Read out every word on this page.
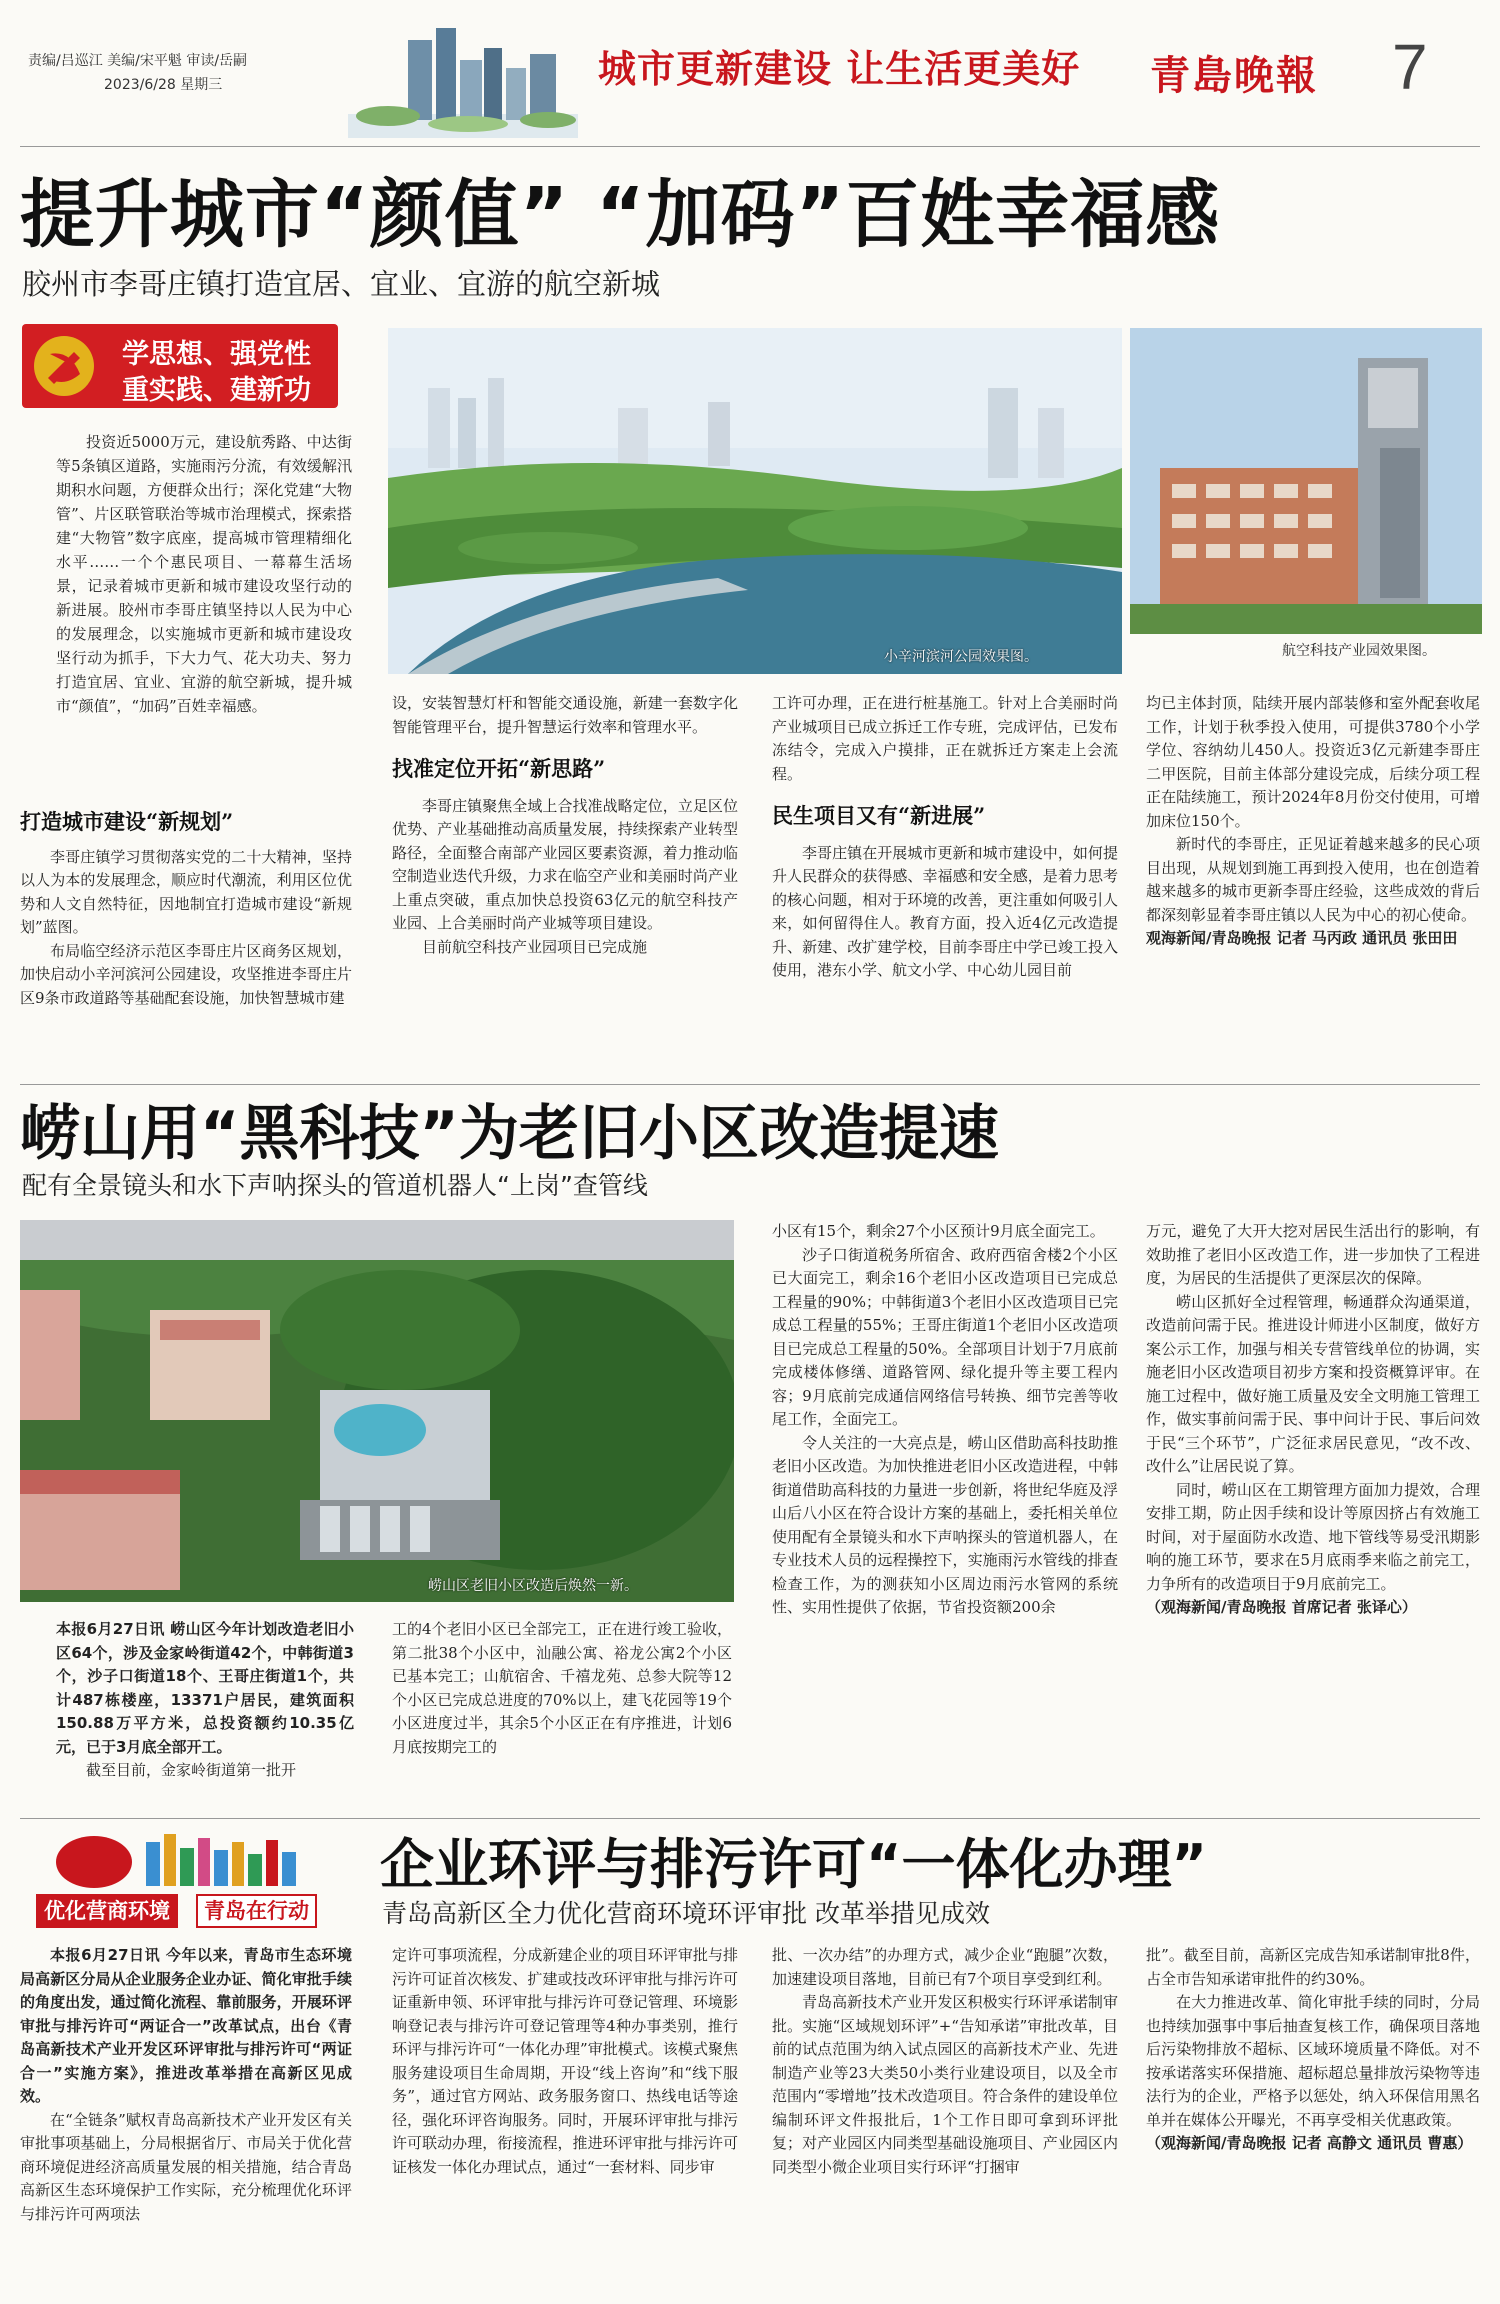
责编/吕巡江 美编/宋平魁 审读/岳嗣
2023/6/28 星期三	城市更新建设 让生活更美好 青島晚報 7
提升城市“颜值” “加码”百姓幸福感
胶州市李哥庄镇打造宜居、宜业、宜游的航空新城
学思想、强党性
重实践、建新功

投资近5000万元，建设航秀路、中达街等5条镇区道路，实施雨污分流，有效缓解汛期积水问题，方便群众出行；深化党建“大物管”、片区联管联治等城市治理模式，探索搭建“大物管”数字底座，提高城市管理精细化水平……一个个惠民项目、一幕幕生活场景，记录着城市更新和城市建设攻坚行动的新进展。胶州市李哥庄镇坚持以人民为中心的发展理念，以实施城市更新和城市建设攻坚行动为抓手，下大力气、花大功夫、努力打造宜居、宜业、宜游的航空新城，提升城市“颜值”，“加码”百姓幸福感。

小辛河滨河公园效果图。	航空科技产业园效果图。
打造城市建设“新规划”

李哥庄镇学习贯彻落实党的二十大精神，坚持以人为本的发展理念，顺应时代潮流，利用区位优势和人文自然特征，因地制宜打造城市建设“新规划”蓝图。

布局临空经济示范区李哥庄片区商务区规划，加快启动小辛河滨河公园建设，攻坚推进李哥庄片区9条市政道路等基础配套设施，加快智慧城市建

设，安装智慧灯杆和智能交通设施，新建一套数字化智能管理平台，提升智慧运行效率和管理水平。

找准定位开拓“新思路”

李哥庄镇聚焦全域上合找准战略定位，立足区位优势、产业基础推动高质量发展，持续探索产业转型路径，全面整合南部产业园区要素资源，着力推动临空制造业迭代升级，力求在临空产业和美丽时尚产业上重点突破，重点加快总投资63亿元的航空科技产业园、上合美丽时尚产业城等项目建设。

目前航空科技产业园项目已完成施

工许可办理，正在进行桩基施工。针对上合美丽时尚产业城项目已成立拆迁工作专班，完成评估，已发布冻结令，完成入户摸排，正在就拆迁方案走上会流程。

民生项目又有“新进展”

李哥庄镇在开展城市更新和城市建设中，如何提升人民群众的获得感、幸福感和安全感，是着力思考的核心问题，相对于环境的改善，更注重如何吸引人来，如何留得住人。教育方面，投入近4亿元改造提升、新建、改扩建学校，目前李哥庄中学已竣工投入使用，港东小学、航文小学、中心幼儿园目前

均已主体封顶，陆续开展内部装修和室外配套收尾工作，计划于秋季投入使用，可提供3780个小学学位、容纳幼儿450人。投资近3亿元新建李哥庄二甲医院，目前主体部分建设完成，后续分项工程正在陆续施工，预计2024年8月份交付使用，可增加床位150个。

新时代的李哥庄，正见证着越来越多的民心项目出现，从规划到施工再到投入使用，也在创造着越来越多的城市更新李哥庄经验，这些成效的背后都深刻彰显着李哥庄镇以人民为中心的初心使命。

观海新闻/青岛晚报 记者 马丙政 通讯员 张田田

崂山用“黑科技”为老旧小区改造提速
配有全景镜头和水下声呐探头的管道机器人“上岗”查管线
崂山区老旧小区改造后焕然一新。

本报6月27日讯 崂山区今年计划改造老旧小区64个，涉及金家岭街道42个，中韩街道3个，沙子口街道18个、王哥庄街道1个，共计487栋楼座，13371户居民，建筑面积150.88万平方米，总投资额约10.35亿元，已于3月底全部开工。

截至目前，金家岭街道第一批开

工的4个老旧小区已全部完工，正在进行竣工验收，第二批38个小区中，汕融公寓、裕龙公寓2个小区已基本完工；山航宿舍、千禧龙苑、总参大院等12个小区已完成总进度的70%以上，建飞花园等19个小区进度过半，其余5个小区正在有序推进，计划6月底按期完工的

小区有15个，剩余27个小区预计9月底全面完工。

沙子口街道税务所宿舍、政府西宿舍楼2个小区已大面完工，剩余16个老旧小区改造项目已完成总工程量的90%；中韩街道3个老旧小区改造项目已完成总工程量的55%；王哥庄街道1个老旧小区改造项目已完成总工程量的50%。全部项目计划于7月底前完成楼体修缮、道路管网、绿化提升等主要工程内容；9月底前完成通信网络信号转换、细节完善等收尾工作，全面完工。

令人关注的一大亮点是，崂山区借助高科技助推老旧小区改造。为加快推进老旧小区改造进程，中韩街道借助高科技的力量进一步创新，将世纪华庭及浮山后八小区在符合设计方案的基础上，委托相关单位使用配有全景镜头和水下声呐探头的管道机器人，在专业技术人员的远程操控下，实施雨污水管线的排查检查工作，为的测获知小区周边雨污水管网的系统性、实用性提供了依据，节省投资额200余

万元，避免了大开大挖对居民生活出行的影响，有效助推了老旧小区改造工作，进一步加快了工程进度，为居民的生活提供了更深层次的保障。

崂山区抓好全过程管理，畅通群众沟通渠道，改造前问需于民。推进设计师进小区制度，做好方案公示工作，加强与相关专营管线单位的协调，实施老旧小区改造项目初步方案和投资概算评审。在施工过程中，做好施工质量及安全文明施工管理工作，做实事前问需于民、事中问计于民、事后问效于民“三个环节”，广泛征求居民意见，“改不改、改什么”让居民说了算。

同时，崂山区在工期管理方面加力提效，合理安排工期，防止因手续和设计等原因挤占有效施工时间，对于屋面防水改造、地下管线等易受汛期影响的施工环节，要求在5月底雨季来临之前完工，力争所有的改造项目于9月底前完工。

（观海新闻/青岛晚报 首席记者 张译心）

优化营商环境	青岛在行动
企业环评与排污许可“一体化办理”
青岛高新区全力优化营商环境环评审批 改革举措见成效

本报6月27日讯 今年以来，青岛市生态环境局高新区分局从企业服务企业办证、简化审批手续的角度出发，通过简化流程、靠前服务，开展环评审批与排污许可“两证合一”改革试点，出台《青岛高新技术产业开发区环评审批与排污许可“两证合一”实施方案》，推进改革举措在高新区见成效。

在“全链条”赋权青岛高新技术产业开发区有关审批事项基础上，分局根据省厅、市局关于优化营商环境促进经济高质量发展的相关措施，结合青岛高新区生态环境保护工作实际，充分梳理优化环评与排污许可两项法

定许可事项流程，分成新建企业的项目环评审批与排污许可证首次核发、扩建或技改环评审批与排污许可证重新申领、环评审批与排污许可登记管理、环境影响登记表与排污许可登记管理等4种办事类别，推行环评与排污许可“一体化办理”审批模式。该模式聚焦服务建设项目生命周期，开设“线上咨询”和“线下服务”，通过官方网站、政务服务窗口、热线电话等途径，强化环评咨询服务。同时，开展环评审批与排污许可联动办理，衔接流程，推进环评审批与排污许可证核发一体化办理试点，通过“一套材料、同步审

批、一次办结”的办理方式，减少企业“跑腿”次数，加速建设项目落地，目前已有7个项目享受到红利。

青岛高新技术产业开发区积极实行环评承诺制审批。实施“区域规划环评”+“告知承诺”审批改革，目前的试点范围为纳入试点园区的高新技术产业、先进制造产业等23大类50小类行业建设项目，以及全市范围内“零增地”技术改造项目。符合条件的建设单位编制环评文件报批后，1个工作日即可拿到环评批复；对产业园区内同类型基础设施项目、产业园区内同类型小微企业项目实行环评“打捆审

批”。截至目前，高新区完成告知承诺制审批8件，占全市告知承诺审批件的约30%。

在大力推进改革、简化审批手续的同时，分局也持续加强事中事后抽查复核工作，确保项目落地后污染物排放不超标、区域环境质量不降低。对不按承诺落实环保措施、超标超总量排放污染物等违法行为的企业，严格予以惩处，纳入环保信用黑名单并在媒体公开曝光，不再享受相关优惠政策。

（观海新闻/青岛晚报 记者 高静文 通讯员 曹惠）
